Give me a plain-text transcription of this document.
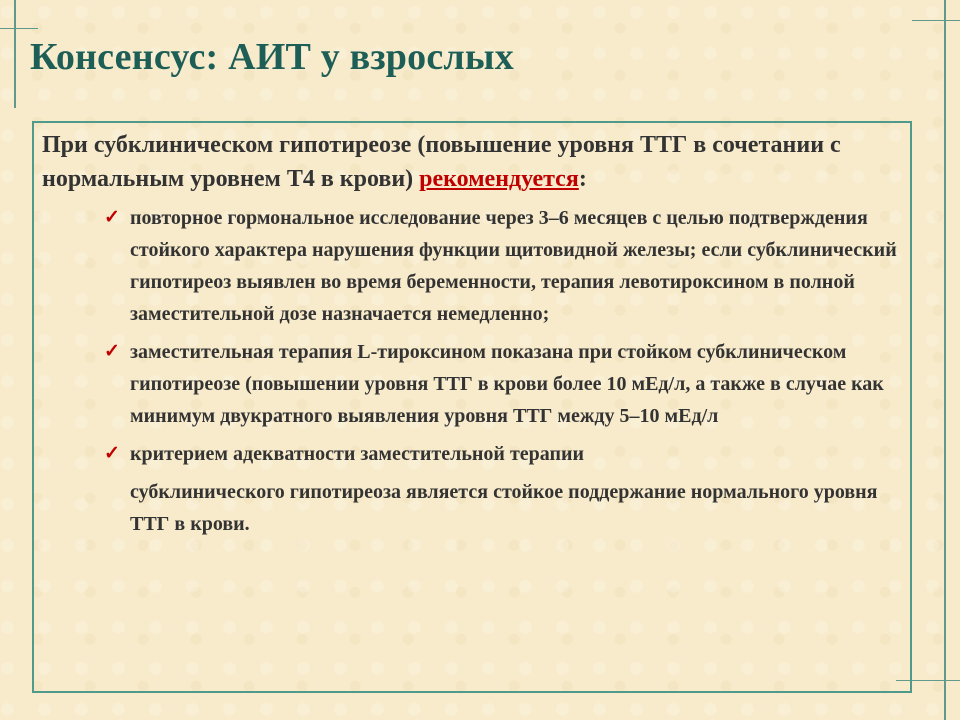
Консенсус: АИТ у взрослых
При субклиническом гипотиреозе (повышение уровня ТТГ в сочетании с нормальным уровнем Т4 в крови) рекомендуется:
✓ повторное гормональное исследование через 3–6 месяцев с целью подтверждения стойкого характера нарушения функции щитовидной железы; если субклинический гипотиреоз выявлен во время беременности, терапия левотироксином в полной заместительной дозе назначается немедленно;
✓ заместительная терапия L-тироксином показана при стойком субклиническом гипотиреозе (повышении уровня ТТГ в крови более 10 мЕд/л, а также в случае как минимум двукратного выявления уровня ТТГ между 5–10 мЕд/л
✓ критерием адекватности заместительной терапии
субклинического гипотиреоза является стойкое поддержание нормального уровня ТТГ в крови.
